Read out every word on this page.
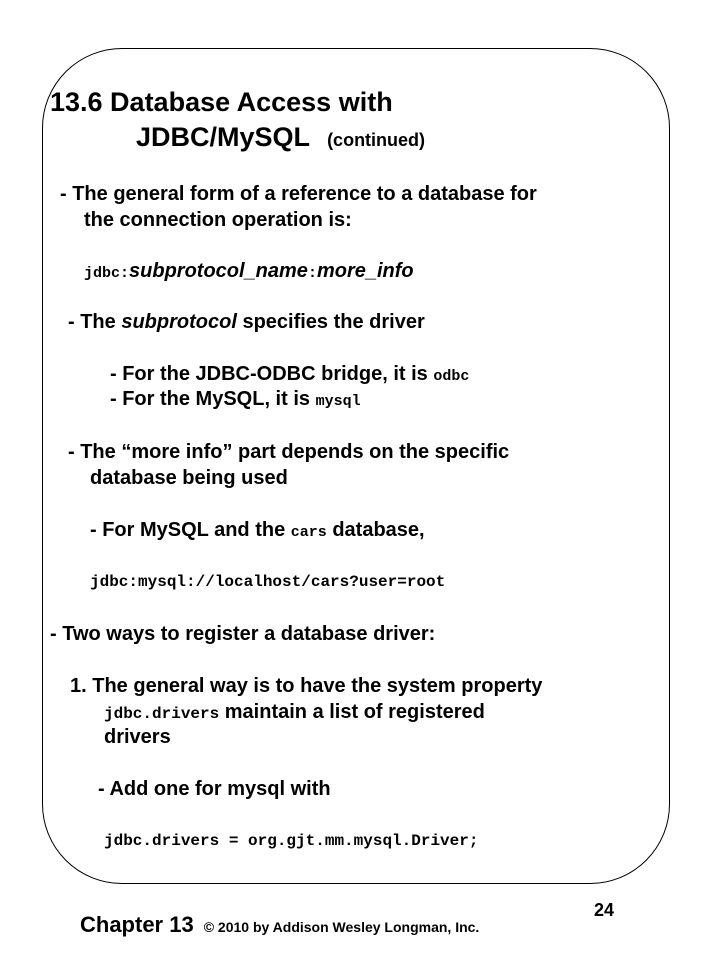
13.6 Database Access with
JDBC/MySQL (continued)
- The general form of a reference to a database for
the connection operation is:
jdbc:subprotocol_name:more_info
- The subprotocol specifies the driver
- For the JDBC-ODBC bridge, it is odbc
- For the MySQL, it is mysql
- The “more info” part depends on the specific
database being used
- For MySQL and the cars database,
jdbc:mysql://localhost/cars?user=root
- Two ways to register a database driver:
1. The general way is to have the system property
jdbc.drivers maintain a list of registered
drivers
- Add one for mysql with
jdbc.drivers = org.gjt.mm.mysql.Driver;
Chapter 13 © 2010 by Addison Wesley Longman, Inc.
24
